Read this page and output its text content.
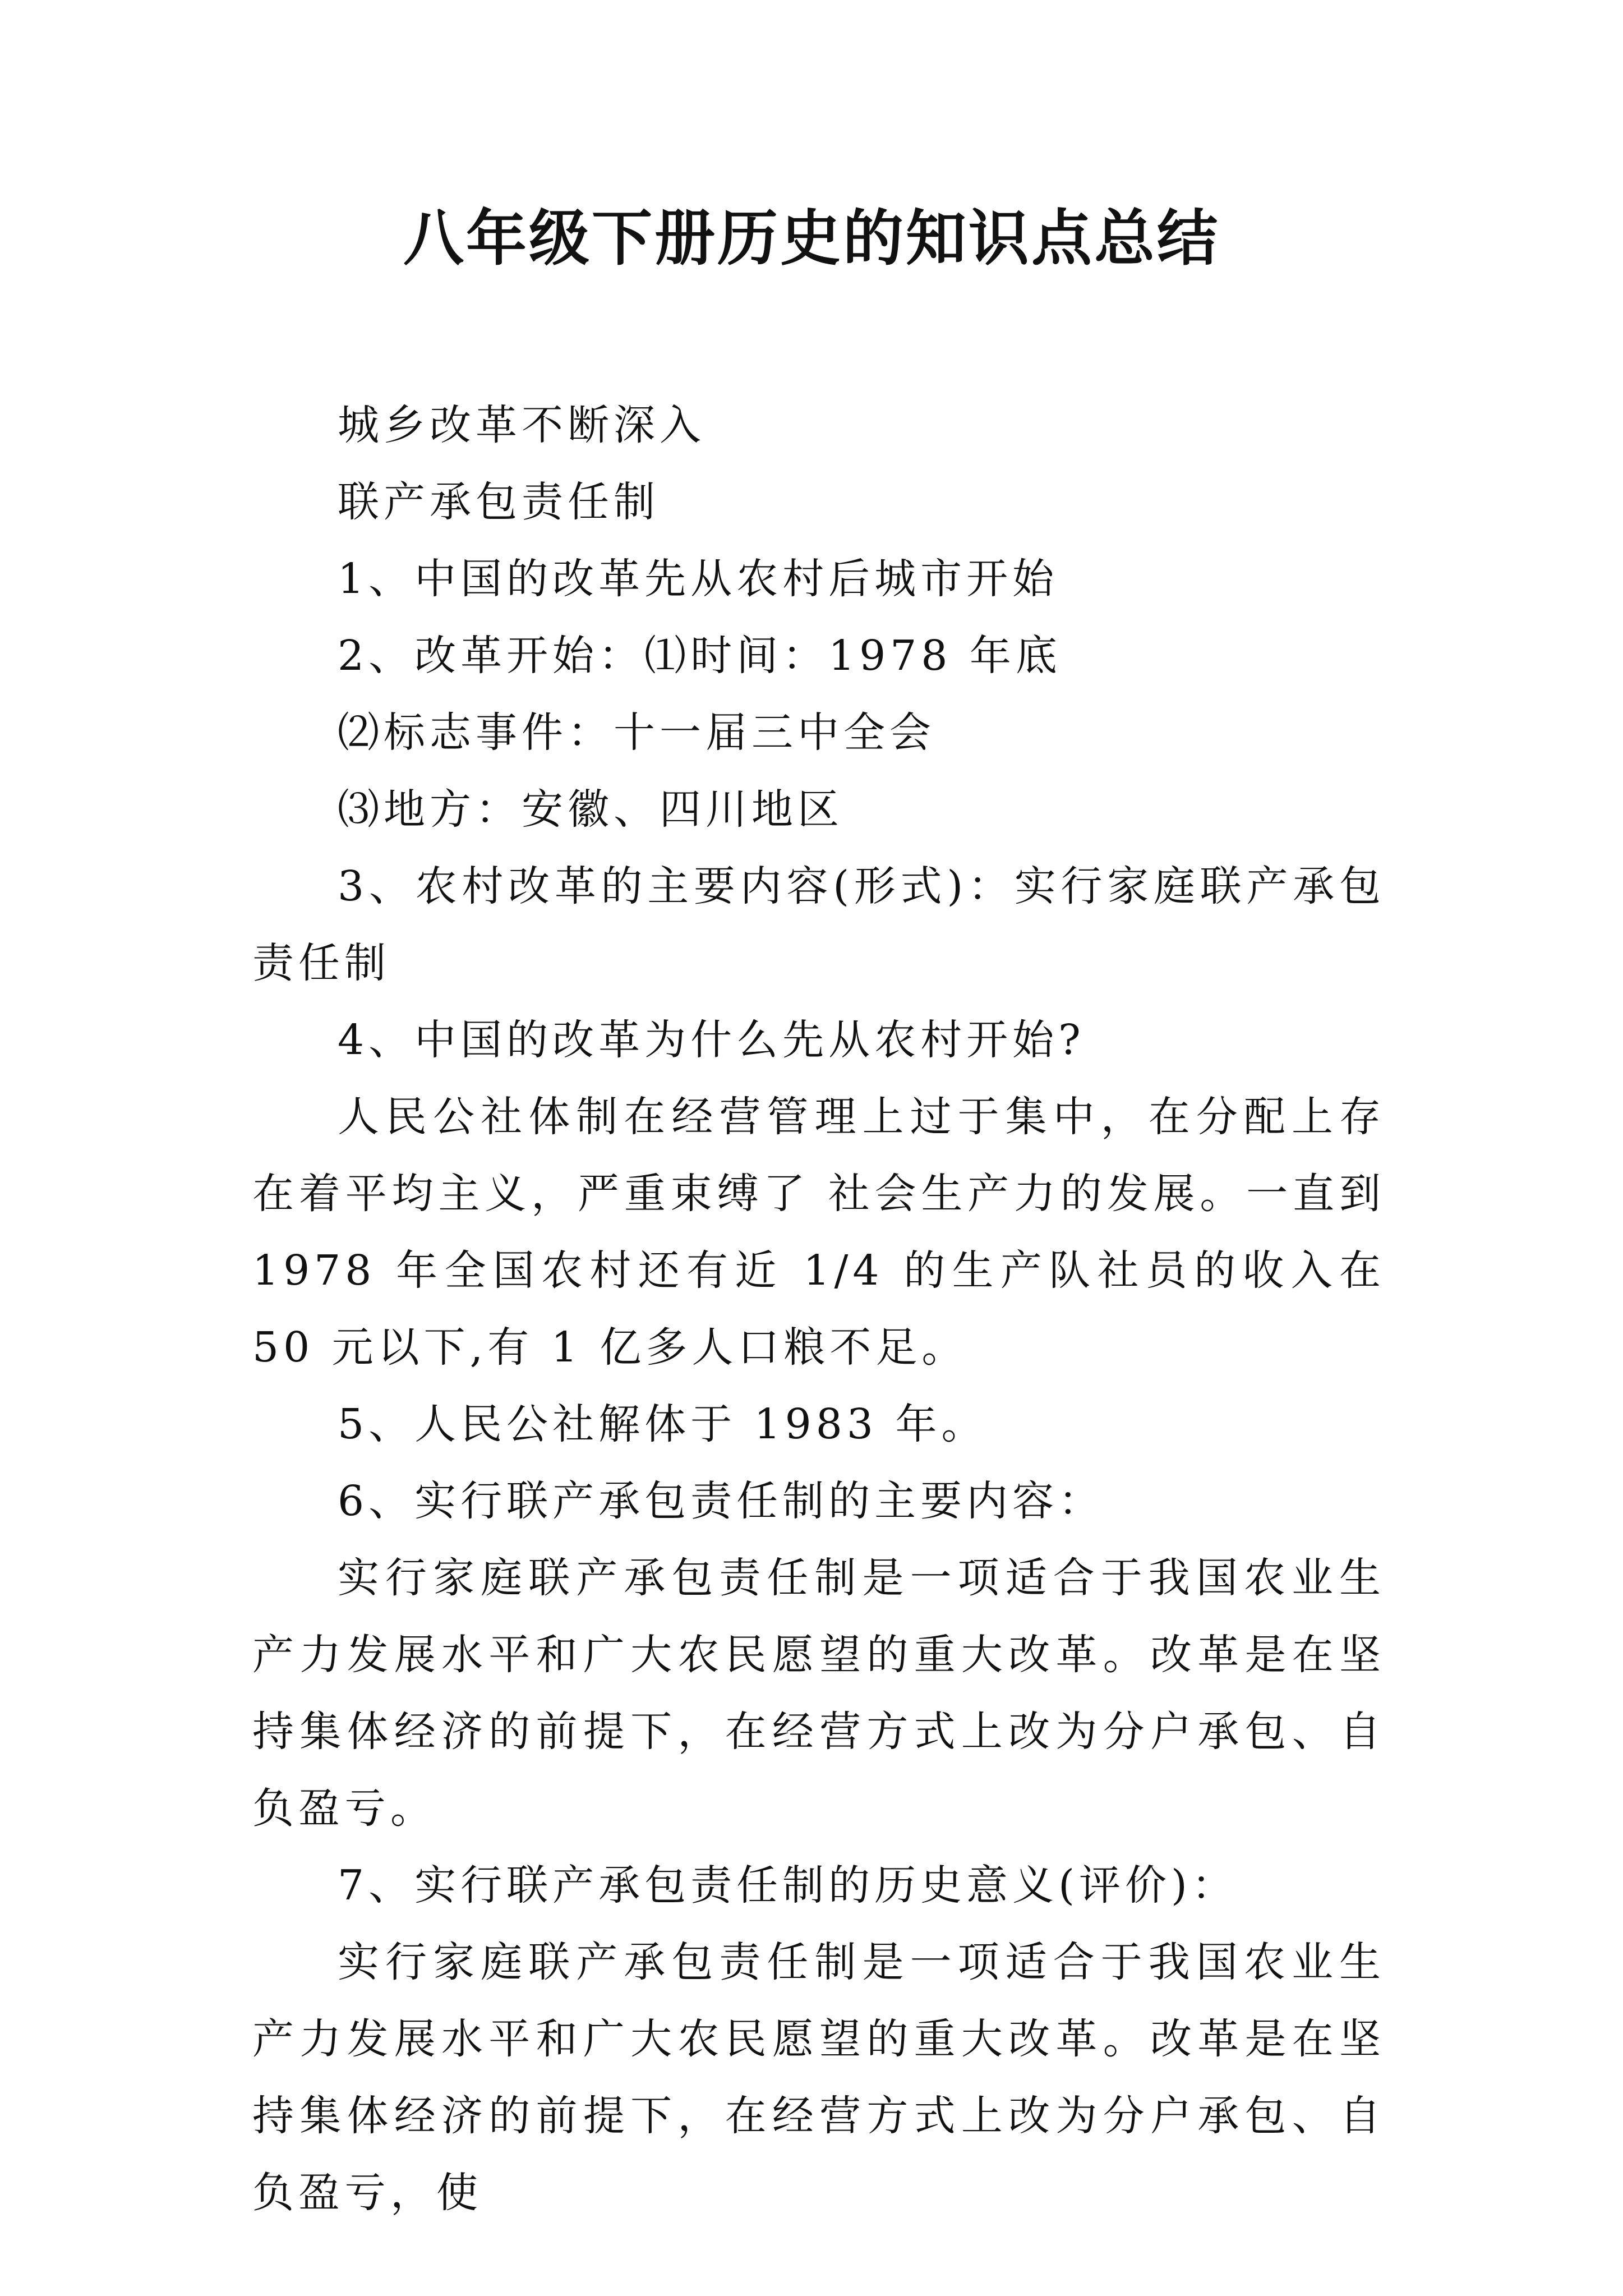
八年级下册历史的知识点总结

城乡改革不断深入

联产承包责任制

1、中国的改革先从农村后城市开始

2、改革开始：⑴时间：1978 年底

⑵标志事件：十一届三中全会

⑶地方：安徽、四川地区

3、农村改革的主要内容(形式)：实行家庭联产承包责任制

4、中国的改革为什么先从农村开始?

人民公社体制在经营管理上过于集中，在分配上存在着平均主义，严重束缚了 社会生产力的发展。一直到 1978 年全国农村还有近 1/4 的生产队社员的收入在 50 元以下,有 1 亿多人口粮不足。

5、人民公社解体于 1983 年。

6、实行联产承包责任制的主要内容：

实行家庭联产承包责任制是一项适合于我国农业生产力发展水平和广大农民愿望的重大改革。改革是在坚持集体经济的前提下，在经营方式上改为分户承包、自负盈亏。

7、实行联产承包责任制的历史意义(评价)：

实行家庭联产承包责任制是一项适合于我国农业生产力发展水平和广大农民愿望的重大改革。改革是在坚持集体经济的前提下，在经营方式上改为分户承包、自负盈亏，使
